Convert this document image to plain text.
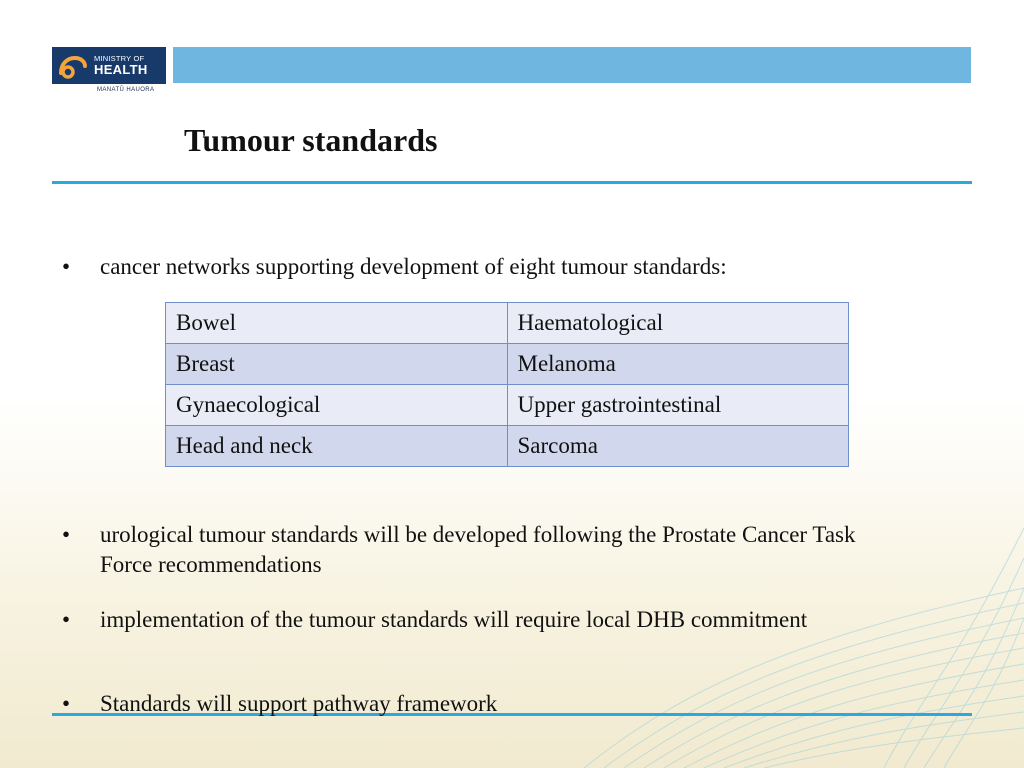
MINISTRY OF
HEALTH
MANATŪ HAUORA
Tumour standards
•	cancer networks supporting development of eight tumour standards:
Bowel	Haematological
Breast	Melanoma
Gynaecological	Upper gastrointestinal
Head and neck	Sarcoma
•	urological tumour standards will be developed following the Prostate Cancer Task Force recommendations
•	implementation of the tumour standards will require local DHB commitment
•	Standards will support pathway framework
